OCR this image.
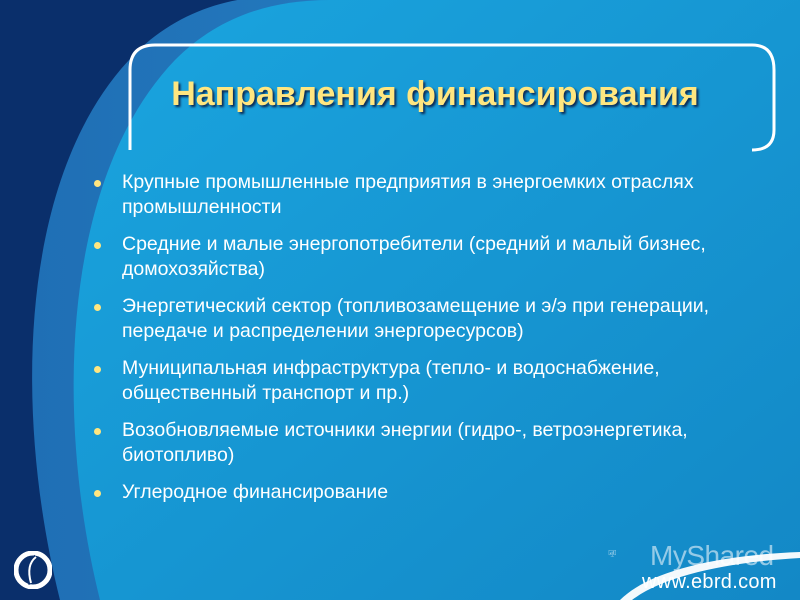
Направления финансирования
Крупные промышленные предприятия в энергоемких отраслях промышленности
Средние и малые энергопотребители (средний и малый бизнес, домохозяйства)
Энергетический сектор (топливозамещение и э/э при генерации, передаче и распределении энергоресурсов)
Муниципальная инфраструктура (тепло- и водоснабжение, общественный транспорт и пр.)
Возобновляемые источники энергии (гидро-, ветроэнергетика, биотопливо)
Углеродное финансирование
MyShared
www.ebrd.com
